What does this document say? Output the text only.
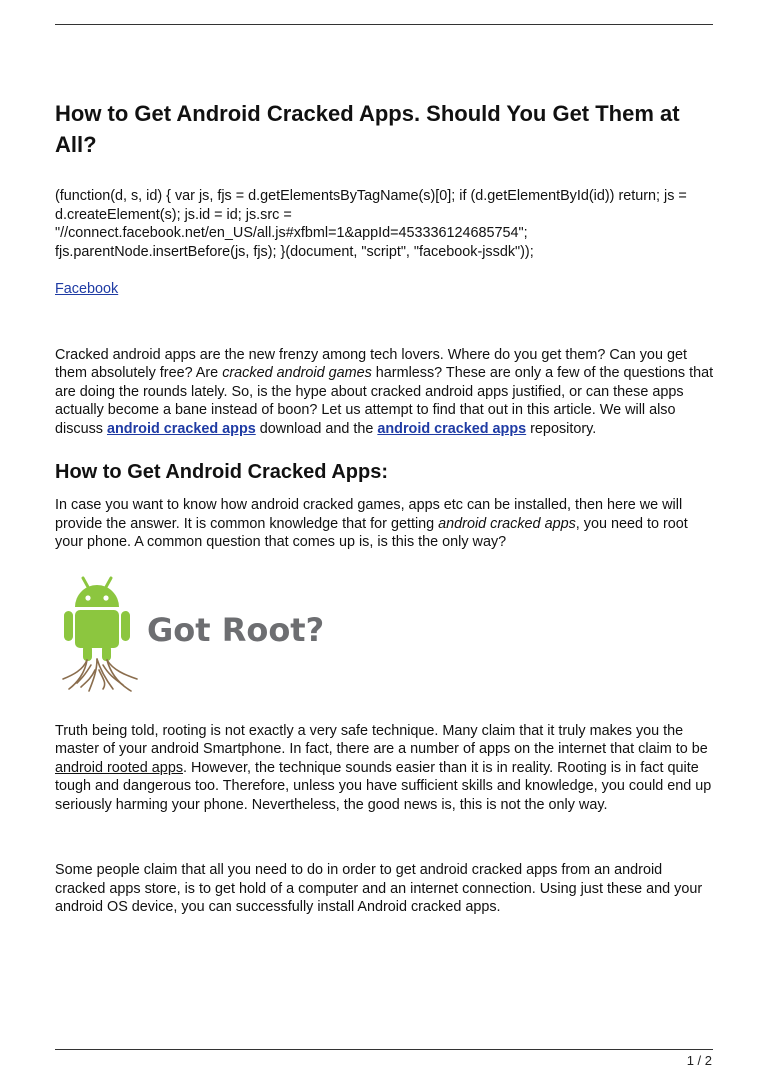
How to Get Android Cracked Apps. Should You Get Them at All?

(function(d, s, id) { var js, fjs = d.getElementsByTagName(s)[0]; if (d.getElementById(id)) return; js = d.createElement(s); js.id = id; js.src = "//connect.facebook.net/en_US/all.js#xfbml=1&appId=453336124685754"; fjs.parentNode.insertBefore(js, fjs); }(document, "script", "facebook-jssdk"));

Facebook

Cracked android apps are the new frenzy among tech lovers. Where do you get them? Can you get them absolutely free? Are cracked android games harmless? These are only a few of the questions that are doing the rounds lately. So, is the hype about cracked android apps justified, or can these apps actually become a bane instead of boon? Let us attempt to find that out in this article. We will also discuss android cracked apps download and the android cracked apps repository.

How to Get Android Cracked Apps:

In case you want to know how android cracked games, apps etc can be installed, then here we will provide the answer. It is common knowledge that for getting android cracked apps, you need to root your phone. A common question that comes up is, is this the only way?

Got Root?

Truth being told, rooting is not exactly a very safe technique. Many claim that it truly makes you the master of your android Smartphone. In fact, there are a number of apps on the internet that claim to be android rooted apps. However, the technique sounds easier than it is in reality. Rooting is in fact quite tough and dangerous too. Therefore, unless you have sufficient skills and knowledge, you could end up seriously harming your phone. Nevertheless, the good news is, this is not the only way.

Some people claim that all you need to do in order to get android cracked apps from an android cracked apps store, is to get hold of a computer and an internet connection. Using just these and your android OS device, you can successfully install Android cracked apps.

1 / 2
